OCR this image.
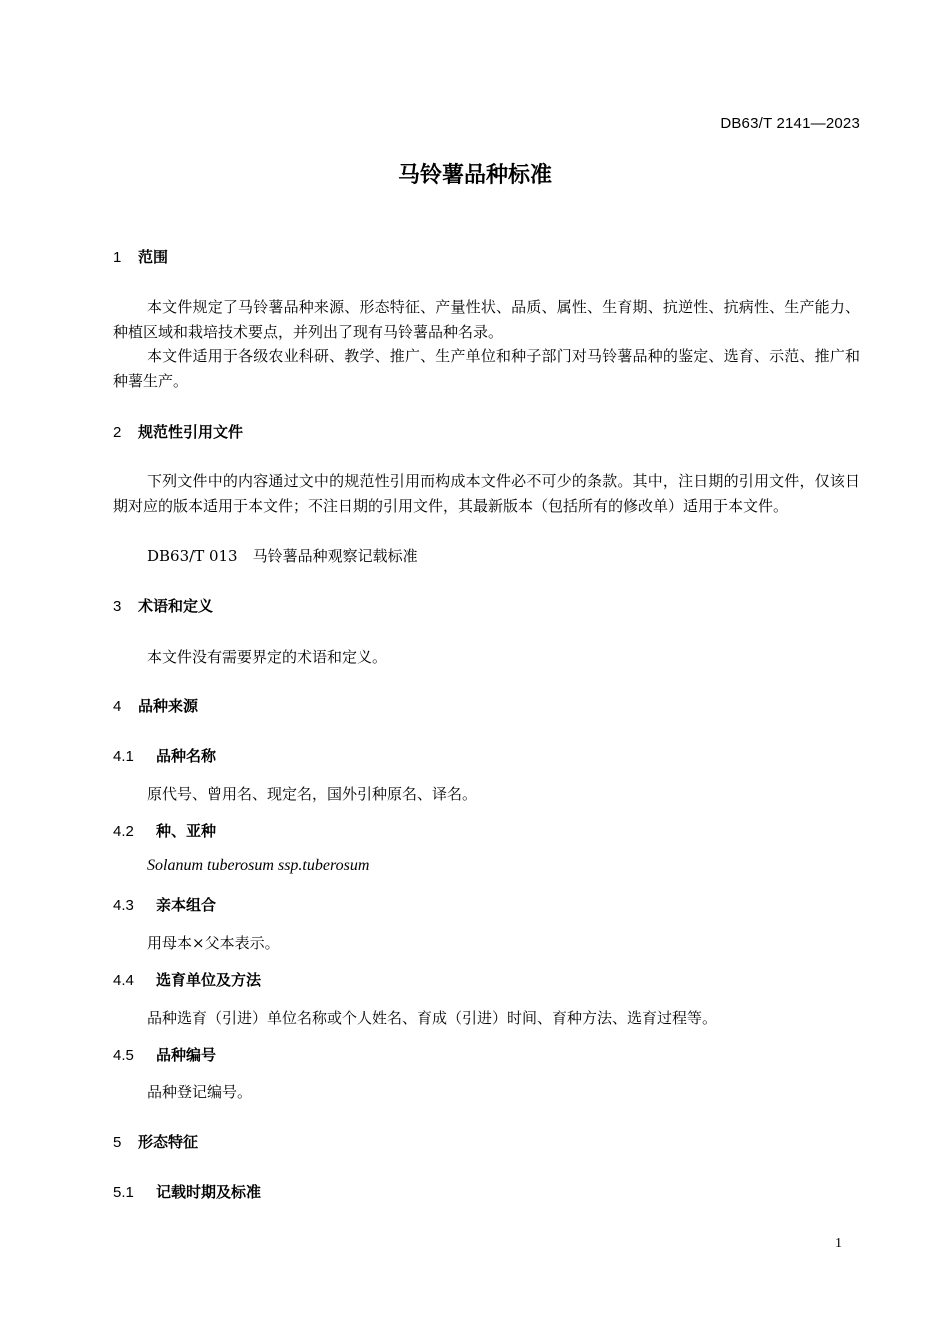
DB63/T 2141—2023
马铃薯品种标准
1 范围
本文件规定了马铃薯品种来源、形态特征、产量性状、品质、属性、生育期、抗逆性、抗病性、生产能力、种植区域和栽培技术要点，并列出了现有马铃薯品种名录。
本文件适用于各级农业科研、教学、推广、生产单位和种子部门对马铃薯品种的鉴定、选育、示范、推广和种薯生产。
2 规范性引用文件
下列文件中的内容通过文中的规范性引用而构成本文件必不可少的条款。其中，注日期的引用文件，仅该日期对应的版本适用于本文件；不注日期的引用文件，其最新版本（包括所有的修改单）适用于本文件。
DB63/T 013　马铃薯品种观察记载标准
3 术语和定义
本文件没有需要界定的术语和定义。
4 品种来源
4.1 品种名称
原代号、曾用名、现定名，国外引种原名、译名。
4.2 种、亚种
Solanum tuberosum ssp.tuberosum
4.3 亲本组合
用母本×父本表示。
4.4 选育单位及方法
品种选育（引进）单位名称或个人姓名、育成（引进）时间、育种方法、选育过程等。
4.5 品种编号
品种登记编号。
5 形态特征
5.1 记载时期及标准
1
